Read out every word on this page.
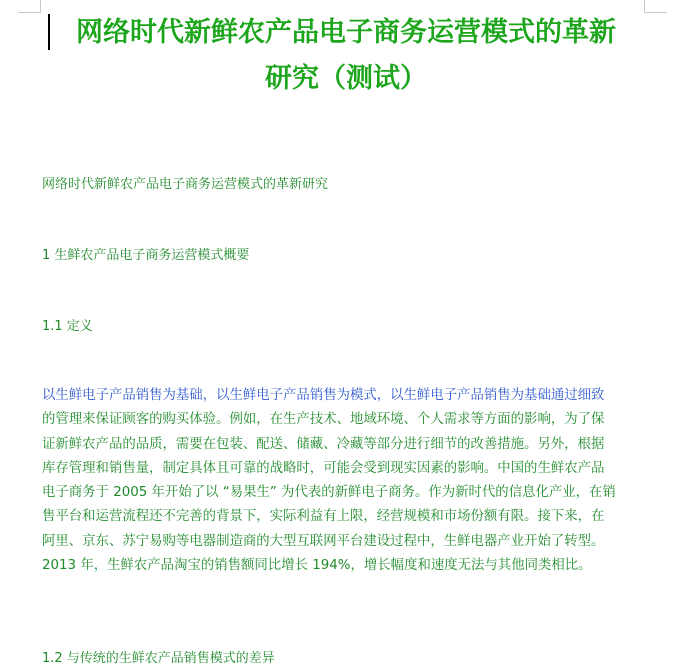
网络时代新鲜农产品电子商务运营模式的革新
研究（测试）

网络时代新鲜农产品电子商务运营模式的革新研究

1 生鲜农产品电子商务运营模式概要

1.1 定义

以生鲜电子产品销售为基础，以生鲜电子产品销售为模式，以生鲜电子产品销售为基础通过细致
的管理来保证顾客的购买体验。例如，在生产技术、地域环境、个人需求等方面的影响，为了保
证新鲜农产品的品质，需要在包装、配送、储藏、冷藏等部分进行细节的改善措施。另外，根据
库存管理和销售量，制定具体且可靠的战略时，可能会受到现实因素的影响。中国的生鲜农产品
电子商务于 2005 年开始了以 “易果生” 为代表的新鲜电子商务。作为新时代的信息化产业，在销
售平台和运营流程还不完善的背景下，实际利益有上限，经营规模和市场份额有限。接下来，在
阿里、京东、苏宁易购等电器制造商的大型互联网平台建设过程中，生鲜电器产业开始了转型。
2013 年，生鲜农产品淘宝的销售额同比增长 194%，增长幅度和速度无法与其他同类相比。

1.2 与传统的生鲜农产品销售模式的差异
